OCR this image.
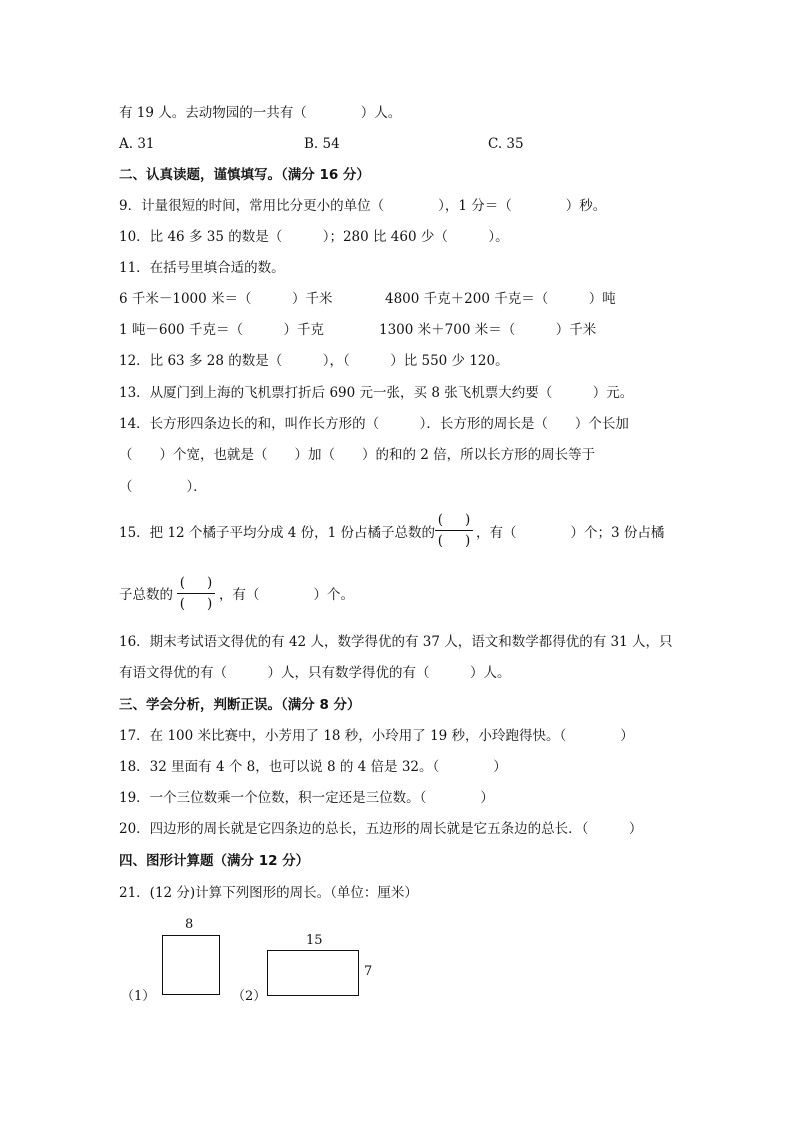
有 19 人。去动物园的一共有（　　　　）人。
A. 31	B. 54	C. 35
二、认真读题，谨慎填写。（满分 16 分）
9．计量很短的时间，常用比分更小的单位（　　　　），1 分＝（　　　　）秒。
10．比 46 多 35 的数是（　　　）；280 比 460 少（　　　）。
11．在括号里填合适的数。
6 千米－1000 米＝（　　　）千米	4800 千克＋200 千克＝（　　　）吨
1 吨－600 千克＝（　　　）千克	1300 米＋700 米＝（　　　）千米
12．比 63 多 28 的数是（　　　），（　　　）比 550 少 120。
13．从厦门到上海的飞机票打折后 690 元一张，买 8 张飞机票大约要（　　　）元。
14．长方形四条边长的和，叫作长方形的（　　　）．长方形的周长是（　　）个长加
（　　）个宽，也就是（　　）加（　　）的和的 2 倍，所以长方形的周长等于
（　　　　）．
15．把 12 个橘子平均分成 4 份，1 份占橘子总数的
( )
( ) ，有（　　　　）个；3 份占橘
子总数的
( )
( )
，有（　　　　）个。
16．期末考试语文得优的有 42 人，数学得优的有 37 人，语文和数学都得优的有 31 人，只
有语文得优的有（　　　）人，只有数学得优的有（　　　）人。
三、学会分析，判断正误。（满分 8 分）
17．在 100 米比赛中，小芳用了 18 秒，小玲用了 19 秒，小玲跑得快。（　　　　）
18．32 里面有 4 个 8，也可以说 8 的 4 倍是 32。（　　　　）
19．一个三位数乘一个位数，积一定还是三位数。（　　　　）
20．四边形的周长就是它四条边的总长，五边形的周长就是它五条边的总长．（　　　）
四、图形计算题（满分 12 分）
21．(12 分)计算下列图形的周长。（单位：厘米）
8
（1）	（2）
15
7
